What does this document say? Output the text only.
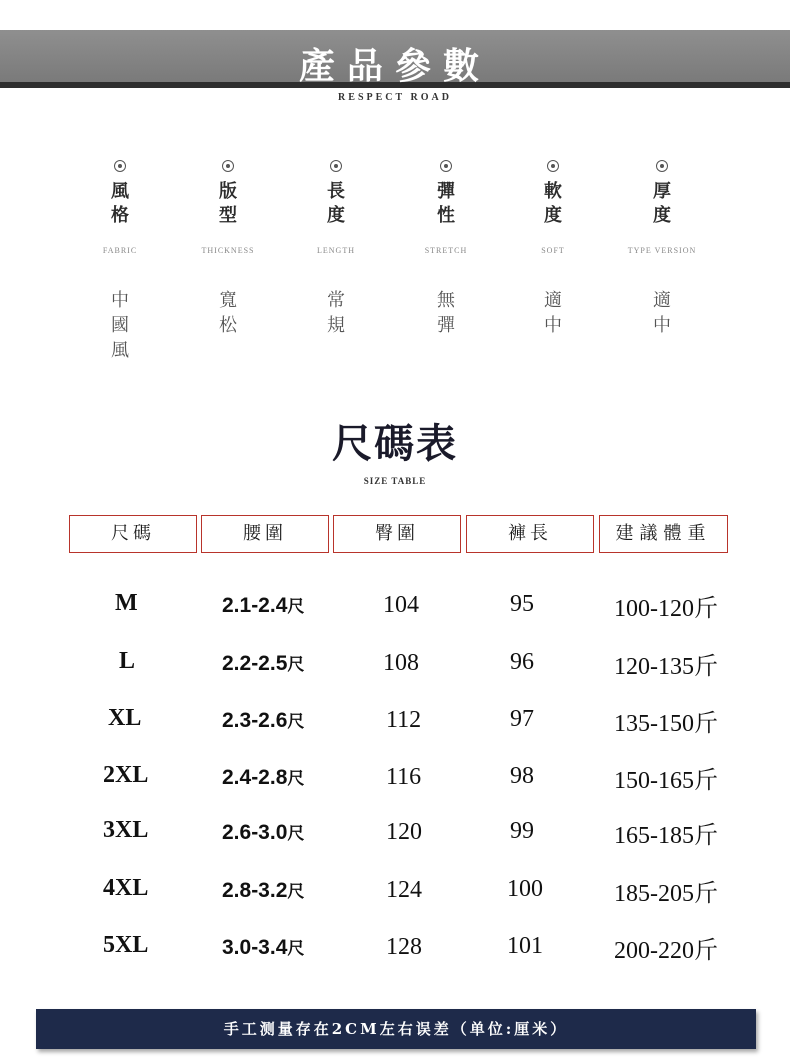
產品參數
RESPECT ROAD
風格
FABRIC
中國風
版型
THICKNESS
寬松
長度
LENGTH
常規
彈性
STRETCH
無彈
軟度
SOFT
適中
厚度
TYPE VERSION
適中
尺碼表
SIZE TABLE
尺碼	腰圍	臀圍	褲長	建議體重
M	2.1-2.4尺	104	95	100-120斤
L	2.2-2.5尺	108	96	120-135斤
XL	2.3-2.6尺	112	97	135-150斤
2XL	2.4-2.8尺	116	98	150-165斤
3XL	2.6-3.0尺	120	99	165-185斤
4XL	2.8-3.2尺	124	100	185-205斤
5XL	3.0-3.4尺	128	101	200-220斤
手工测量存在2CM左右误差（单位:厘米）
